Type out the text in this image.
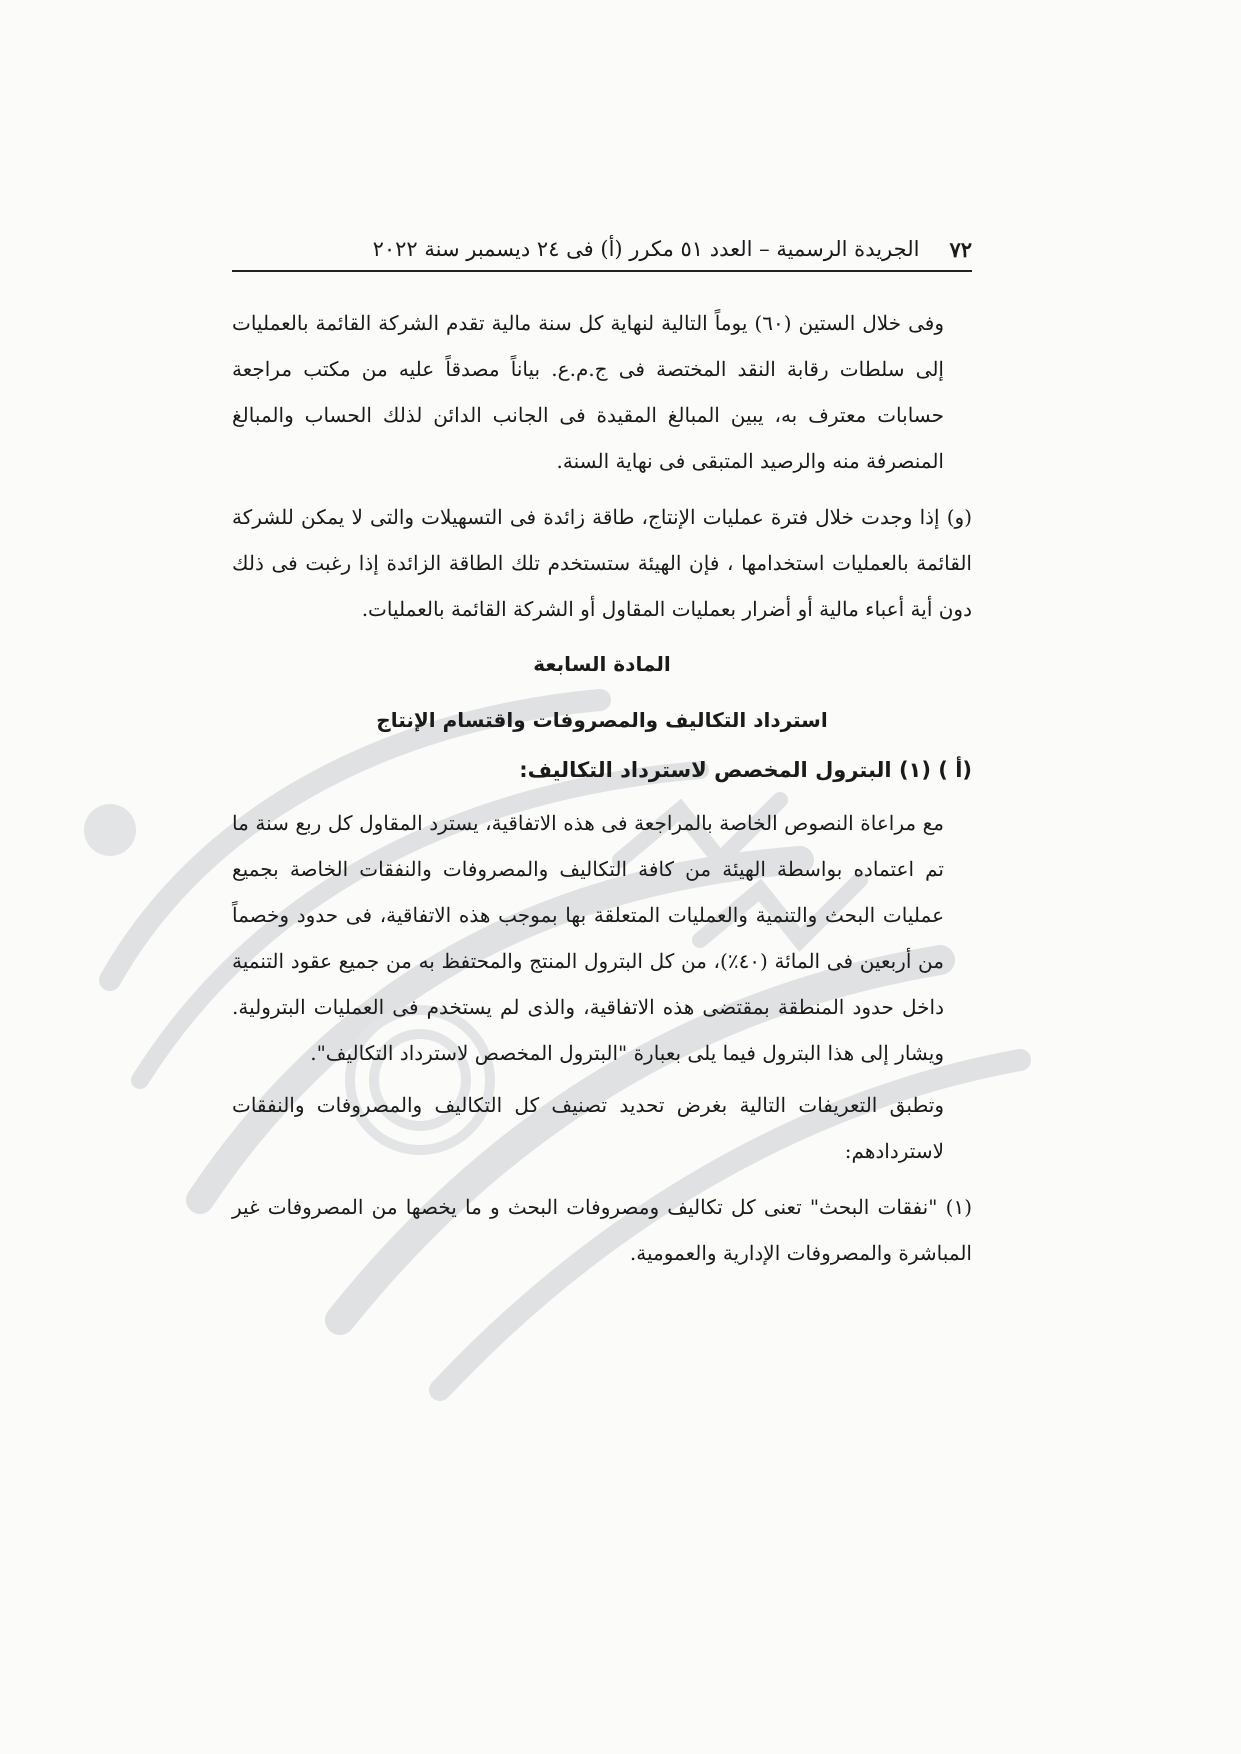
٧٢
الجريدة الرسمية – العدد ٥١ مكرر (أ) فى ٢٤ ديسمبر سنة ٢٠٢٢

وفى خلال الستين (٦٠) يوماً التالية لنهاية كل سنة مالية تقدم الشركة القائمة بالعمليات إلى سلطات رقابة النقد المختصة فى ج.م.ع. بياناً مصدقاً عليه من مكتب مراجعة حسابات معترف به، يبين المبالغ المقيدة فى الجانب الدائن لذلك الحساب والمبالغ المنصرفة منه والرصيد المتبقى فى نهاية السنة.

(و) إذا وجدت خلال فترة عمليات الإنتاج، طاقة زائدة فى التسهيلات والتى لا يمكن للشركة القائمة بالعمليات استخدامها ، فإن الهيئة ستستخدم تلك الطاقة الزائدة إذا رغبت فى ذلك دون أية أعباء مالية أو أضرار بعمليات المقاول أو الشركة القائمة بالعمليات.
المادة السابعة
استرداد التكاليف والمصروفات واقتسام الإنتاج
(أ ) (١) البترول المخصص لاسترداد التكاليف:

مع مراعاة النصوص الخاصة بالمراجعة فى هذه الاتفاقية، يسترد المقاول كل ربع سنة ما تم اعتماده بواسطة الهيئة من كافة التكاليف والمصروفات والنفقات الخاصة بجميع عمليات البحث والتنمية والعمليات المتعلقة بها بموجب هذه الاتفاقية، فى حدود وخصماً من أربعين فى المائة (٤٠٪)، من كل البترول المنتج والمحتفظ به من جميع عقود التنمية داخل حدود المنطقة بمقتضى هذه الاتفاقية، والذى لم يستخدم فى العمليات البترولية. ويشار إلى هذا البترول فيما يلى بعبارة "البترول المخصص لاسترداد التكاليف".

وتطبق التعريفات التالية بغرض تحديد تصنيف كل التكاليف والمصروفات والنفقات لاستردادهم:

(١) "نفقات البحث" تعنى كل تكاليف ومصروفات البحث و ما يخصها من المصروفات غير المباشرة والمصروفات الإدارية والعمومية.
